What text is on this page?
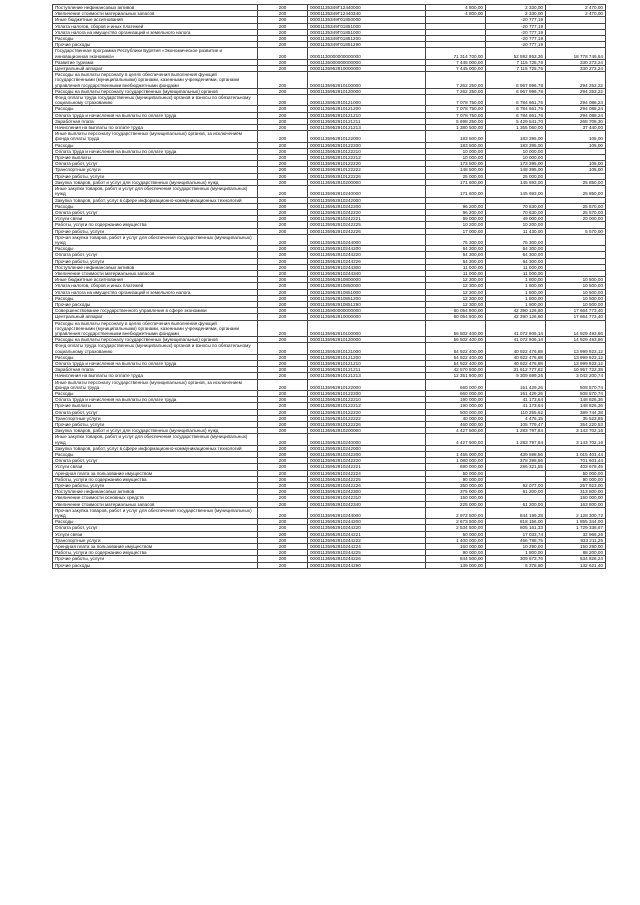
Поступление нефинансовых активов	200	00001135349Г12440000	4 800,00	2 330,00	2 470,00
Увеличение стоимости материальных запасов	200	00001135349Г12440340	4 800,00	2 330,00	2 470,00
Иные бюджетные ассигнования	200	00001135349Г01850000		-20 777,19	
Уплата налогов, сборов и иных платежей	200	00001135349Г01851000		-20 777,19	
Уплата налога на имущество организаций и земельного налога	200	00001135349Г01851000		-20 777,19	
Расходы	200	00001135349Г01851200		-20 777,19	
Прочие расходы	200	00001135349Г01851290		-20 777,19	
Государственная программа Республики Бурятия «Экономическое развитие и инновационная экономика»	200	00001130000000000000	71 314 700,00	52 592 953,36	18 778 746,64
Развитие туризма	200	00001135000000000000	7 445 000,00	7 115 725,76	330 273,24
Центральный аппарат	200	00001135952910000000	7 445 000,00	7 115 725,76	330 273,24
Расходы на выплаты персоналу в целях обеспечения выполнения функций государственными (муниципальными) органами, казенными учреждениями, органами управления государственными внебюджетными фондами	200	00001135952910100000	7 262 250,00	6 967 996,78	294 253,22
Расходы на выплаты персоналу государственных (муниципальных) органов	200	00001135952910120000	7 262 250,00	6 967 996,78	294 253,22
Фонд оплаты труда государственных (муниципальных) органов и взносы по обязательному социальному страхованию	200	00001135952910121000	7 078 750,00	6 784 661,76	294 088,24
Расходы	200	00001135952910121200	7 078 750,00	6 784 661,76	294 088,24
Оплата труда и начисления на выплаты по оплате труда	200	00001135952910121210	7 078 750,00	6 784 661,76	294 088,24
Заработная плата	200	00001135952910121211	5 698 250,00	5 429 541,70	268 708,30
Начисления на выплаты по оплате труда	200	00001135952910121213	1 380 500,00	1 355 060,00	37 440,00
Иные выплаты персоналу государственных (муниципальных) органов, за исключением фонда оплаты труда	200	00001135952910122000	183 500,00	183 395,00	105,00
Расходы	200	00001135952910122200	183 500,00	183 395,00	105,00
Оплата труда и начисления на выплаты по оплате труда	200	00001135952910122210	10 000,00	10 000,00	
Прочие выплаты	200	00001135952910122212	10 000,00	10 000,00	
Оплата работ, услуг	200	00001135952910122220	173 500,00	173 395,00	105,00
Транспортные услуги	200	00001135952910122222	148 500,00	148 395,00	105,00
Прочие работы, услуги	200	00001135952910122226	25 000,00	25 000,00	
Закупка товаров, работ и услуг для государственных (муниципальных) нужд	200	00001135952910200000	171 600,00	145 693,00	25 850,00
Иные закупки товаров, работ и услуг для обеспечения государственных (муниципальных) нужд	200	00001135952910240000	171 600,00	145 693,00	25 850,00
Закупка товаров, работ, услуг в сфере информационно-коммуникационных технологий	200	00001135952910242000			
Расходы	200	00001135952910242200	96 200,00	70 630,00	25 570,00
Оплата работ, услуг	200	00001135952910242220	96 200,00	70 630,00	25 570,00
Услуги связи	200	00001135952910242221	69 000,00	49 000,00	20 000,00
Работы, услуги по содержанию имущества	200	00001135952910242225	10 200,00	10 200,00	
Прочие работы, услуги	200	00001135952910242226	17 000,00	11 430,00	5 570,00
Прочая закупка товаров, работ и услуг для обеспечения государственных (муниципальных) нужд	200	00001135952910244000	75 300,00	75 300,00	
Расходы	200	00001135952910244200	64 300,00	64 300,00	
Оплата работ, услуг	200	00001135952910244220	64 300,00	64 300,00	
Прочие работы, услуги	200	00001135952910244226	64 300,00	64 300,00	
Поступление нефинансовых активов	200	00001135952910244300	11 000,00	11 000,00	
Увеличение стоимости материальных запасов	200	00001135952910244340	11 000,00	11 000,00	
Иные бюджетные ассигнования	200	00001135952910800000	12 300,00	1 800,00	10 500,00
Уплата налогов, сборов и иных платежей	200	00001135952910850000	12 300,00	1 800,00	10 500,00
Уплата налога на имущество организаций и земельного налога	200	00001135952910851000	12 300,00	1 800,00	10 500,00
Расходы	200	00001135952910851200	12 300,00	1 800,00	10 500,00
Прочие расходы	200	00001135952910851290	12 300,00	1 800,00	10 500,00
Совершенствование государственного управления в сфере экономики	200	00001135900000000000	60 054 900,00	42 390 126,60	17 664 773,40
Центральный аппарат	200	00001135952910000000	60 054 900,00	42 390 126,60	17 664 773,40
Расходы на выплаты персоналу в целях обеспечения выполнения функций государственными (муниципальными) органами, казенными учреждениями, органами управления государственными внебюджетными фондами	200	00001135952910100000	56 502 400,00	41 072 906,14	14 929 493,86
Расходы на выплаты персоналу государственных (муниципальных) органов	200	00001135952910120000	56 502 400,00	41 072 906,14	14 929 493,86
Фонд оплаты труда государственных (муниципальных) органов и взносы по обязательному социальному страхованию	200	00001135952910121000	54 922 400,00	40 922 476,88	13 999 923,12
Расходы	200	00001135952910121200	54 922 400,00	40 922 476,88	13 999 923,12
Оплата труда и начисления на выплаты по оплате труда	200	00001135952910121210	54 922 400,00	40 922 476,88	13 999 923,12
Заработная плата	200	00001135952910121211	42 570 500,00	31 612 777,62	10 957 722,38
Начисления на выплаты по оплате труда	200	00001135952910121213	12 351 900,00	9 309 699,26	3 042 200,74
Иные выплаты персоналу государственных (муниципальных) органов, за исключением фонда оплаты труда	200	00001135952910122000	660 000,00	151 429,26	508 570,74
Расходы	200	00001135952910122200	660 000,00	151 429,26	508 570,74
Оплата труда и начисления на выплаты по оплате труда	200	00001135952910122210	190 000,00	41 173,64	148 826,36
Прочие выплаты	200	00001135952910122212	190 000,00	41 173,64	148 826,36
Оплата работ, услуг	200	00001135952910122220	500 000,00	110 255,62	389 744,38
Транспортные услуги	200	00001135952910122222	40 000,00	4 476,15	35 523,85
Прочие работы, услуги	200	00001135952910122226	460 000,00	105 779,47	354 220,53
Закупка товаров, работ и услуг для государственных (муниципальных) нужд	200	00001135952910200000	4 427 500,00	1 283 797,84	3 143 702,16
Иные закупки товаров, работ и услуг для обеспечения государственных (муниципальных) нужд	200	00001135952910240000	4 427 500,00	1 283 797,84	3 143 702,16
Закупка товаров, работ, услуг в сфере информационно-коммуникационных технологий	200	00001135952910242000			
Расходы	200	00001135952910242200	1 455 000,00	439 598,56	1 015 401,44
Оплата работ, услуг	200	00001135952910242220	1 080 000,00	378 398,56	701 601,44
Услуги связи	200	00001135952910242221	690 000,00	286 321,55	403 678,45
Арендная плата за пользование имуществом	200	00001135952910242224	50 000,00		50 000,00
Работы, услуги по содержанию имущества	200	00001135952910242225	90 000,00		90 000,00
Прочие работы, услуги	200	00001135952910242226	350 000,00	92 077,00	257 923,00
Поступление нефинансовых активов	200	00001135952910242300	375 000,00	61 200,00	313 800,00
Увеличение стоимости основных средств	200	00001135952910242310	150 000,00		150 000,00
Увеличение стоимости материальных запасов	200	00001135952910242340	225 000,00	61 200,00	163 800,00
Прочая закупка товаров, работ и услуг для обеспечения государственных (муниципальных) нужд	200	00001135952910244000	2 972 500,00	844 199,28	2 128 300,72
Расходы	200	00001135952910244200	2 673 500,00	818 156,00	1 855 344,00
Оплата работ, услуг	200	00001135952910244220	2 534 500,00	805 161,33	1 729 338,67
Услуги связи	200	00001135952910244221	50 000,00	17 033,74	32 966,26
Транспортные услуги	200	00001135952910244222	1 400 000,00	466 788,75	933 211,25
Арендная плата за пользование имуществом	200	00001135952910244224	160 000,00	10 290,00	150 290,00
Работы, услуги по содержанию имущества	200	00001135952910244225	90 000,00	1 800,00	88 200,00
Прочие работы, услуги	200	00001135952910244226	844 500,00	309 673,76	534 826,24
Прочие расходы	200	00001135952910244290	139 000,00	6 378,60	132 621,40
